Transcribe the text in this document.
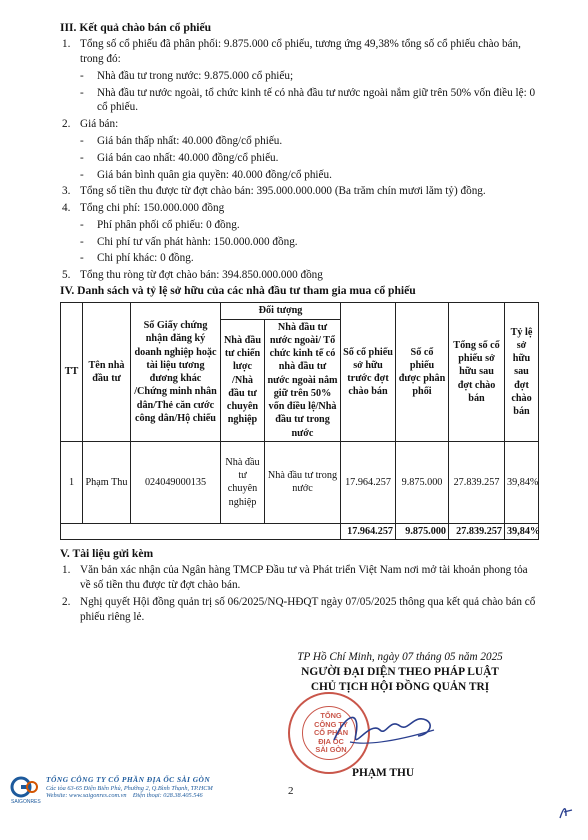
III. Kết quả chào bán cổ phiếu
1. Tổng số cổ phiếu đã phân phối: 9.875.000 cổ phiếu, tương ứng 49,38% tổng số cổ phiếu chào bán, trong đó:
- Nhà đầu tư trong nước: 9.875.000 cổ phiếu;
- Nhà đầu tư nước ngoài, tổ chức kinh tế có nhà đầu tư nước ngoài nắm giữ trên 50% vốn điều lệ: 0 cổ phiếu.
2. Giá bán:
- Giá bán thấp nhất: 40.000 đồng/cổ phiếu.
- Giá bán cao nhất: 40.000 đồng/cổ phiếu.
- Giá bán bình quân gia quyền: 40.000 đồng/cổ phiếu.
3. Tổng số tiền thu được từ đợt chào bán: 395.000.000.000 (Ba trăm chín mươi lăm tỷ) đồng.
4. Tổng chi phí: 150.000.000 đồng
- Phí phân phối cổ phiếu: 0 đồng.
- Chi phí tư vấn phát hành: 150.000.000 đồng.
- Chi phí khác: 0 đồng.
5. Tổng thu ròng từ đợt chào bán: 394.850.000.000 đồng
IV. Danh sách và tỷ lệ sở hữu của các nhà đầu tư tham gia mua cổ phiếu
TT	Tên nhà đầu tư	Số Giấy chứng nhận đăng ký doanh nghiệp hoặc tài liệu tương đương khác /Chứng minh nhân dân/Thẻ căn cước công dân/Hộ chiếu	Đối tượng		Số cổ phiếu sở hữu trước đợt chào bán	Số cổ phiếu được phân phối	Tổng số cổ phiếu sở hữu sau đợt chào bán	Tỷ lệ sở hữu sau đợt chào bán
			Nhà đầu tư chiến lược /Nhà đầu tư chuyên nghiệp	Nhà đầu tư nước ngoài/ Tổ chức kinh tế có nhà đầu tư nước ngoài nắm giữ trên 50% vốn điều lệ/Nhà đầu tư trong nước				
1	Phạm Thu	024049000135	Nhà đầu tư chuyên nghiệp	Nhà đầu tư trong nước	17.964.257	9.875.000	27.839.257	39,84%
					17.964.257	9.875.000	27.839.257	39,84%
V. Tài liệu gửi kèm
1. Văn bản xác nhận của Ngân hàng TMCP Đầu tư và Phát triển Việt Nam nơi mở tài khoản phong tỏa về số tiền thu được từ đợt chào bán.
2. Nghị quyết Hội đồng quản trị số 06/2025/NQ-HĐQT ngày 07/05/2025 thông qua kết quả chào bán cổ phiếu riêng lẻ.
TP Hồ Chí Minh, ngày 07 tháng 05 năm 2025
NGƯỜI ĐẠI DIỆN THEO PHÁP LUẬT
CHỦ TỊCH HỘI ĐỒNG QUẢN TRỊ
TỔNG
CÔNG TY
CỔ PHẦN
ĐỊA ỐC
SÀI GÒN
PHẠM THU
SAIGONRES
TỔNG CÔNG TY CỔ PHẦN ĐỊA ỐC SÀI GÒN
Các tòa 63-65 Điện Biên Phủ, Phường 2, Q.Bình Thạnh, TP.HCM
Website: www.saigonres.com.vn Điện thoại: 028.38.405.546	2
